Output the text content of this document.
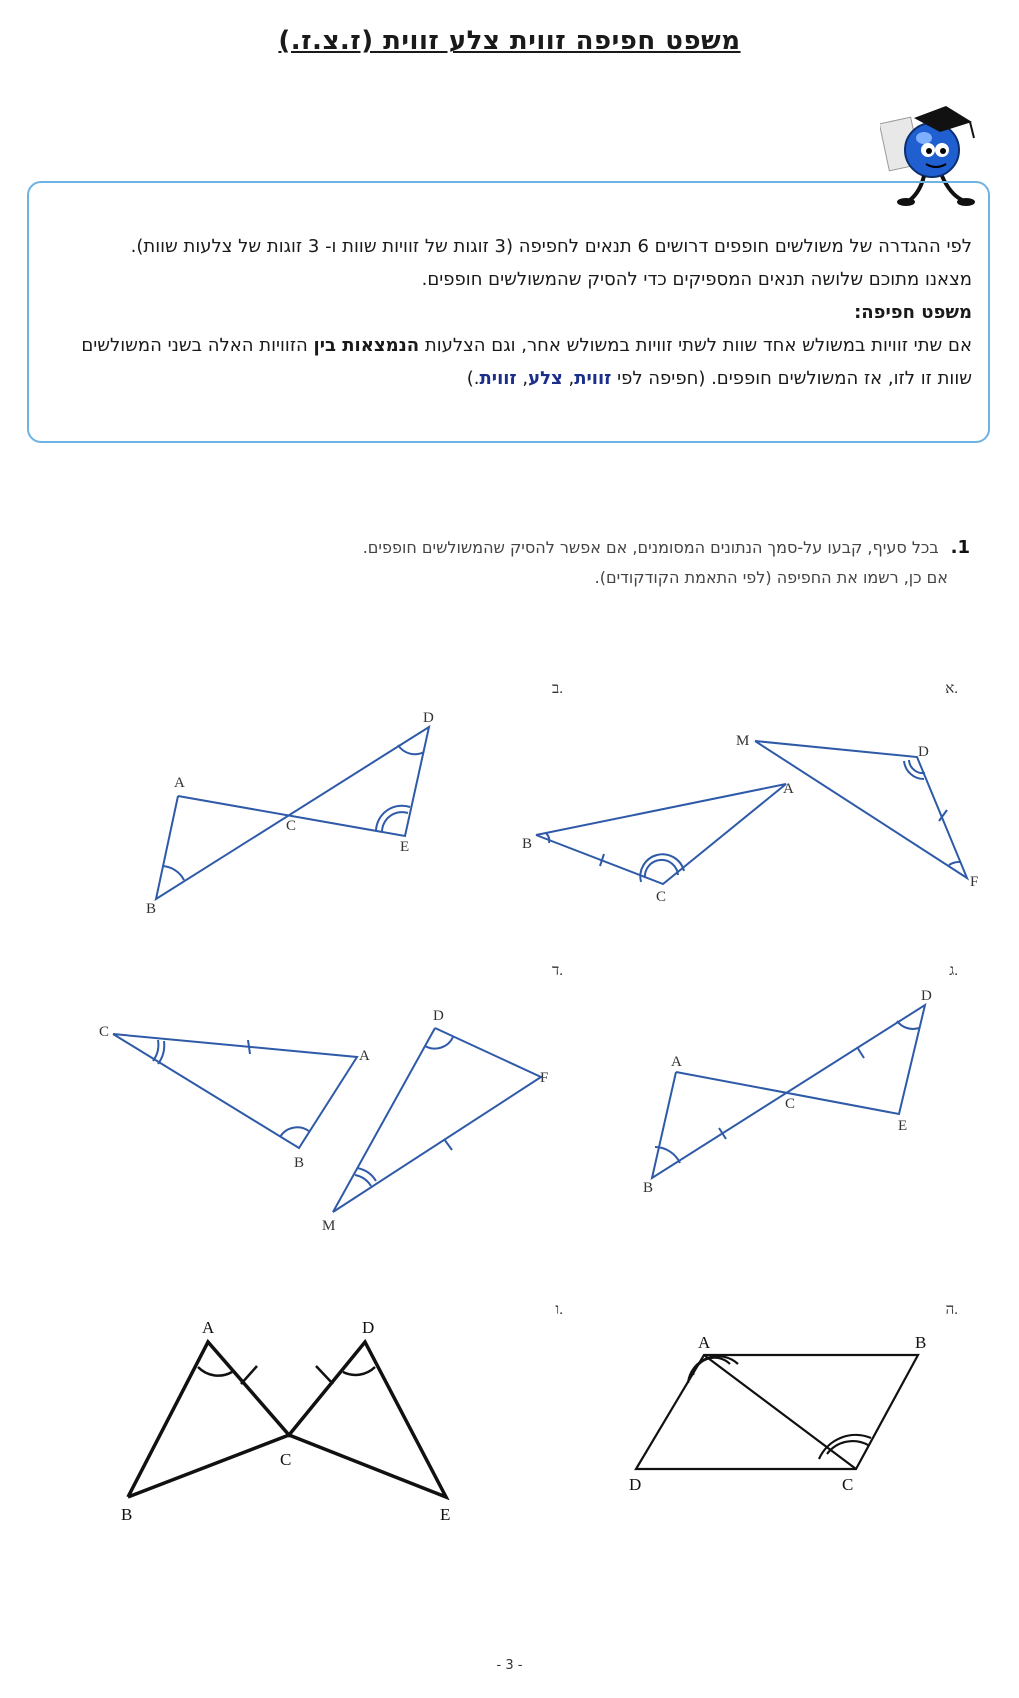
משפט חפיפה זווית צלע זווית (ז.צ.ז.)

לפי ההגדרה של משולשים חופפים דרושים 6 תנאים לחפיפה (3 זוגות של זוויות שוות ו- 3 זוגות של צלעות שוות).

מצאנו מתוכם שלושה תנאים המספיקים כדי להסיק שהמשולשים חופפים.

משפט חפיפה:

אם שתי זוויות במשולש אחד שוות לשתי זוויות במשולש אחר, וגם הצלעות הנמצאות בין הזוויות האלה בשני המשולשים שוות זו לזו, אז המשולשים חופפים. (חפיפה לפי זווית, צלע, זווית.)

1.בכל סעיף, קבעו על-סמך הנתונים המסומנים, אם אפשר להסיק שהמשולשים חופפים.
אם כן, רשמו את החפיפה (לפי התאמת הקודקודים).
א.
ב.
ג.
ד.
ה.
ו.
M
D
A
B
F
C
A
D
C
E
B
A
D
C
E
B
C
A
B
D
F
M
A	B
D	C
A	D
C
B	E
- 3 -
